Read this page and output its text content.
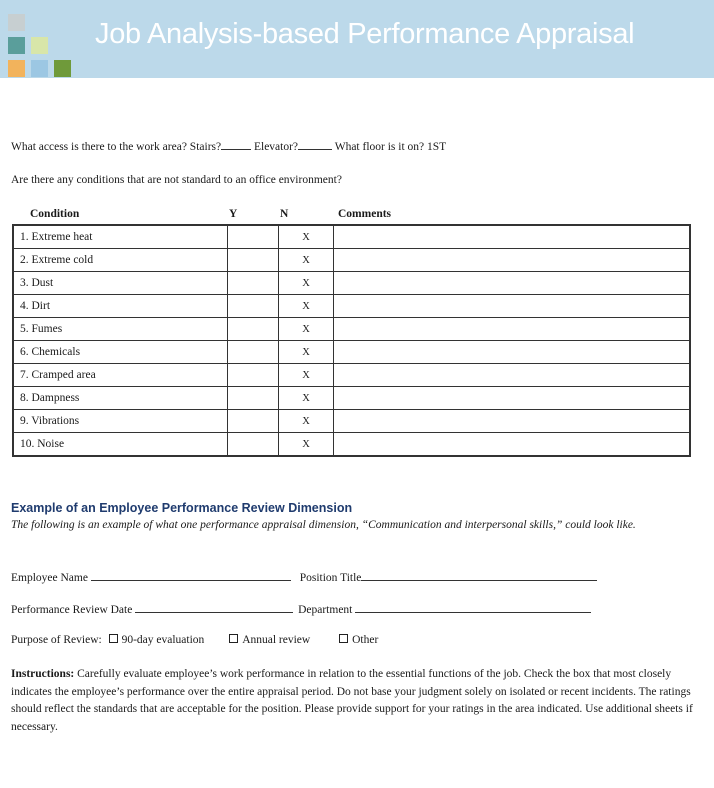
Job Analysis-based Performance Appraisal
What access is there to the work area? Stairs?	Elevator?	What floor is it on? 1ST
Are there any conditions that are not standard to an office environment?
Condition	Y	N	Comments
1. Extreme heat		X	
2. Extreme cold		X	
3. Dust		X	
4. Dirt		X	
5. Fumes		X	
6. Chemicals		X	
7. Cramped area		X	
8. Dampness		X	
9. Vibrations		X	
10. Noise		X	
Example of an Employee Performance Review Dimension
The following is an example of what one performance appraisal dimension, “Communication and interpersonal skills,” could look like.
Employee Name	Position Title
Performance Review Date	Department
Purpose of Review: 90-day evaluation	Annual review	Other
Instructions: Carefully evaluate employee’s work performance in relation to the essential functions of the job. Check the box that most closely indicates the employee’s performance over the entire appraisal period. Do not base your judgment solely on isolated or recent incidents. The ratings should reflect the standards that are acceptable for the position. Please provide support for your ratings in the area indicated. Use additional sheets if necessary.
